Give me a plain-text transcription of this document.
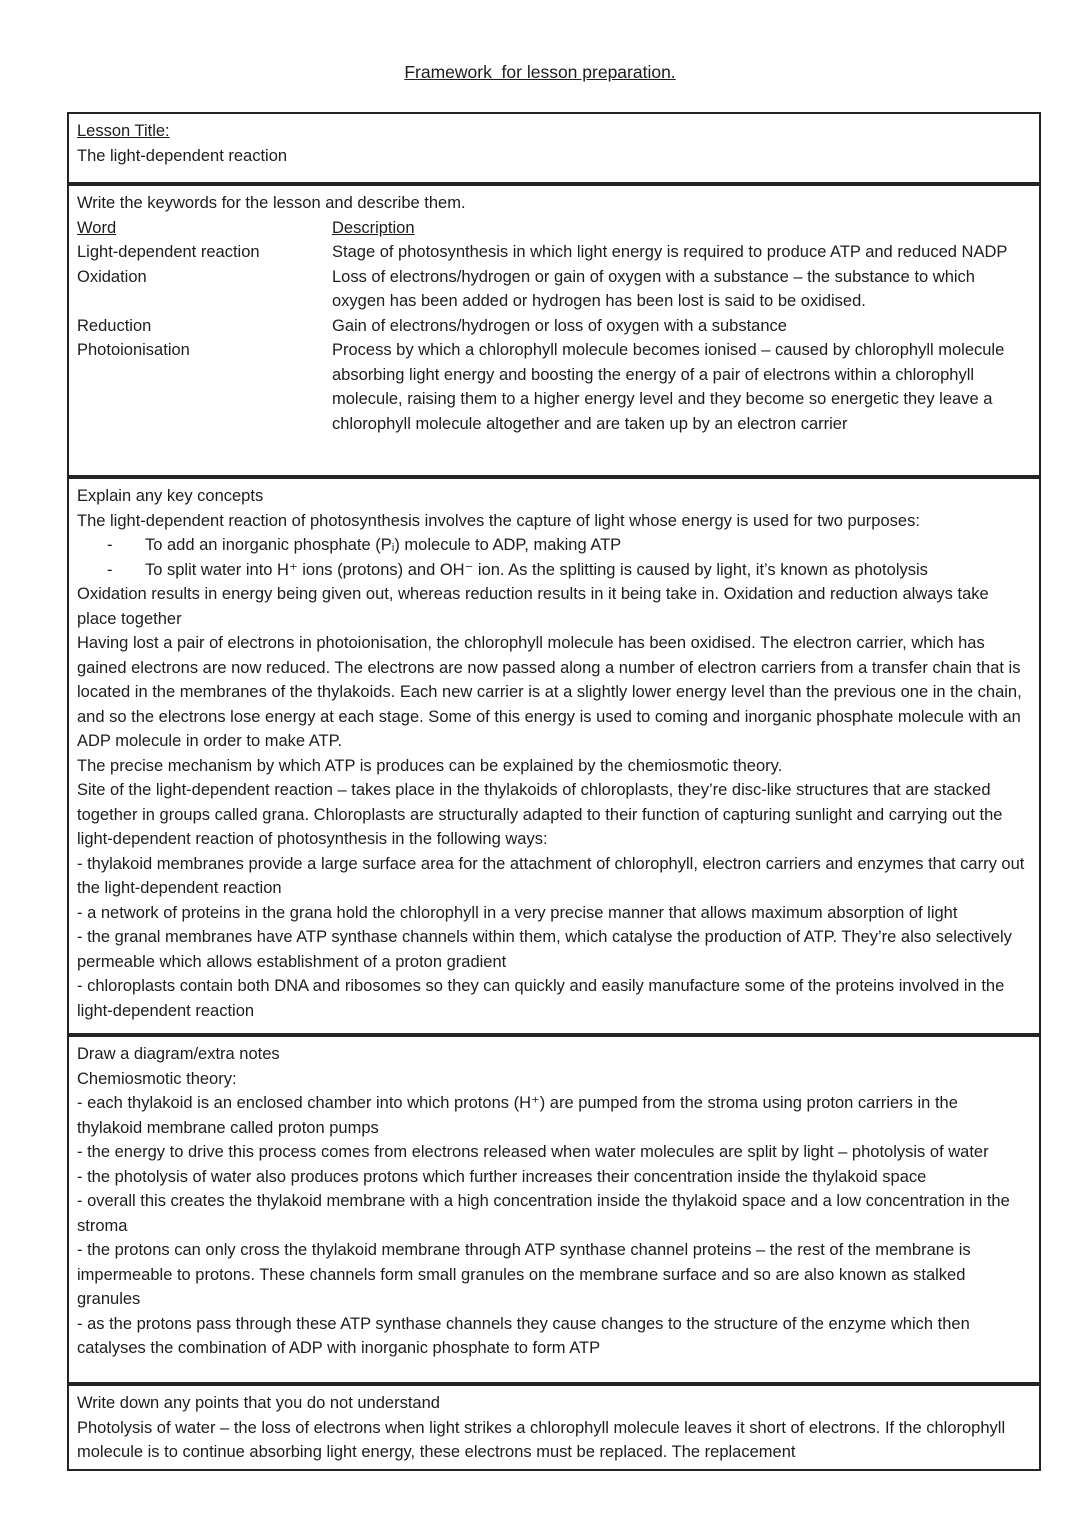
Framework  for lesson preparation.
Lesson Title:
The light-dependent reaction
Write the keywords for the lesson and describe them.
Word	Description
Light-dependent reaction	Stage of photosynthesis in which light energy is required to produce ATP and reduced NADP
Oxidation	Loss of electrons/hydrogen or gain of oxygen with a substance – the substance to which oxygen has been added or hydrogen has been lost is said to be oxidised.
Reduction	Gain of electrons/hydrogen or loss of oxygen with a substance
Photoionisation	Process by which a chlorophyll molecule becomes ionised – caused by chlorophyll molecule absorbing light energy and boosting the energy of a pair of electrons within a chlorophyll molecule, raising them to a higher energy level and they become so energetic they leave a chlorophyll molecule altogether and are taken up by an electron carrier
Explain any key concepts
The light-dependent reaction of photosynthesis involves the capture of light whose energy is used for two purposes:
-	To add an inorganic phosphate (Pᵢ) molecule to ADP, making ATP
-	To split water into H⁺ ions (protons) and OH⁻ ion. As the splitting is caused by light, it’s known as photolysis
Oxidation results in energy being given out, whereas reduction results in it being take in. Oxidation and reduction always take place together
Having lost a pair of electrons in photoionisation, the chlorophyll molecule has been oxidised. The electron carrier, which has gained electrons are now reduced. The electrons are now passed along a number of electron carriers from a transfer chain that is located in the membranes of the thylakoids. Each new carrier is at a slightly lower energy level than the previous one in the chain, and so the electrons lose energy at each stage. Some of this energy is used to coming and inorganic phosphate molecule with an ADP molecule in order to make ATP.
The precise mechanism by which ATP is produces can be explained by the chemiosmotic theory.
Site of the light-dependent reaction – takes place in the thylakoids of chloroplasts, they’re disc-like structures that are stacked together in groups called grana. Chloroplasts are structurally adapted to their function of capturing sunlight and carrying out the light-dependent reaction of photosynthesis in the following ways:
- thylakoid membranes provide a large surface area for the attachment of chlorophyll, electron carriers and enzymes that carry out the light-dependent reaction
- a network of proteins in the grana hold the chlorophyll in a very precise manner that allows maximum absorption of light
- the granal membranes have ATP synthase channels within them, which catalyse the production of ATP. They’re also selectively permeable which allows establishment of a proton gradient
- chloroplasts contain both DNA and ribosomes so they can quickly and easily manufacture some of the proteins involved in the light-dependent reaction
Draw a diagram/extra notes
Chemiosmotic theory:
- each thylakoid is an enclosed chamber into which protons (H⁺) are pumped from the stroma using proton carriers in the thylakoid membrane called proton pumps
- the energy to drive this process comes from electrons released when water molecules are split by light – photolysis of water
- the photolysis of water also produces protons which further increases their concentration inside the thylakoid space
- overall this creates the thylakoid membrane with a high concentration inside the thylakoid space and a low concentration in the stroma
- the protons can only cross the thylakoid membrane through ATP synthase channel proteins – the rest of the membrane is impermeable to protons. These channels form small granules on the membrane surface and so are also known as stalked granules
- as the protons pass through these ATP synthase channels they cause changes to the structure of the enzyme which then catalyses the combination of ADP with inorganic phosphate to form ATP
Write down any points that you do not understand
Photolysis of water – the loss of electrons when light strikes a chlorophyll molecule leaves it short of electrons. If the chlorophyll molecule is to continue absorbing light energy, these electrons must be replaced. The replacement
